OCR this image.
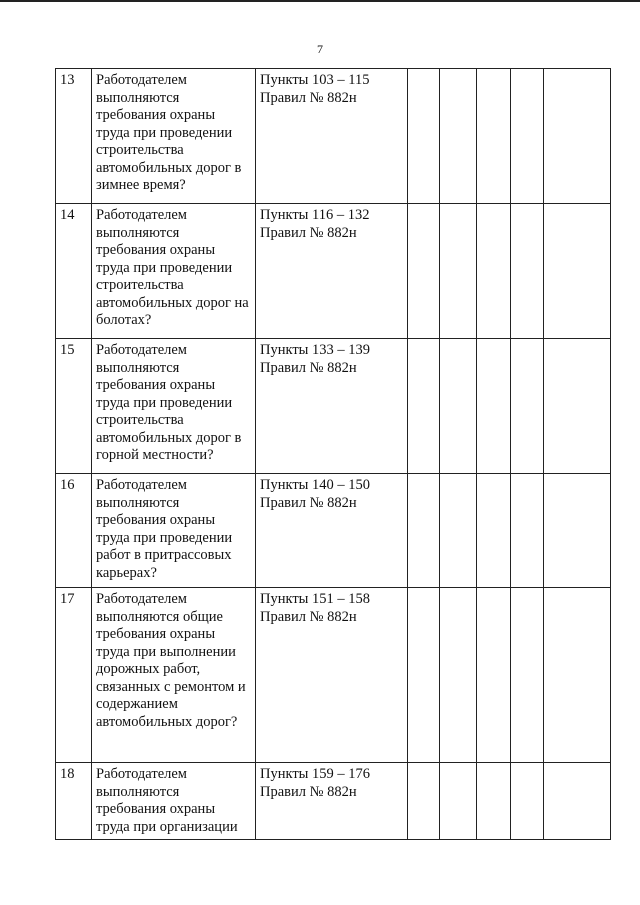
7
13	Работодателем выполняются требования охраны труда при проведении строительства автомобильных дорог в зимнее время?	Пункты 103 – 115 Правил № 882н					
14	Работодателем выполняются требования охраны труда при проведении строительства автомобильных дорог на болотах?	Пункты 116 – 132 Правил № 882н					
15	Работодателем выполняются требования охраны труда при проведении строительства автомобильных дорог в горной местности?	Пункты 133 – 139 Правил № 882н					
16	Работодателем выполняются требования охраны труда при проведении работ в притрассовых карьерах?	Пункты 140 – 150 Правил № 882н					
17	Работодателем выполняются общие требования охраны труда при выполнении дорожных работ, связанных с ремонтом и содержанием автомобильных дорог?	Пункты 151 – 158 Правил № 882н					
18	Работодателем выполняются требования охраны труда при организации	Пункты 159 – 176 Правил № 882н					
